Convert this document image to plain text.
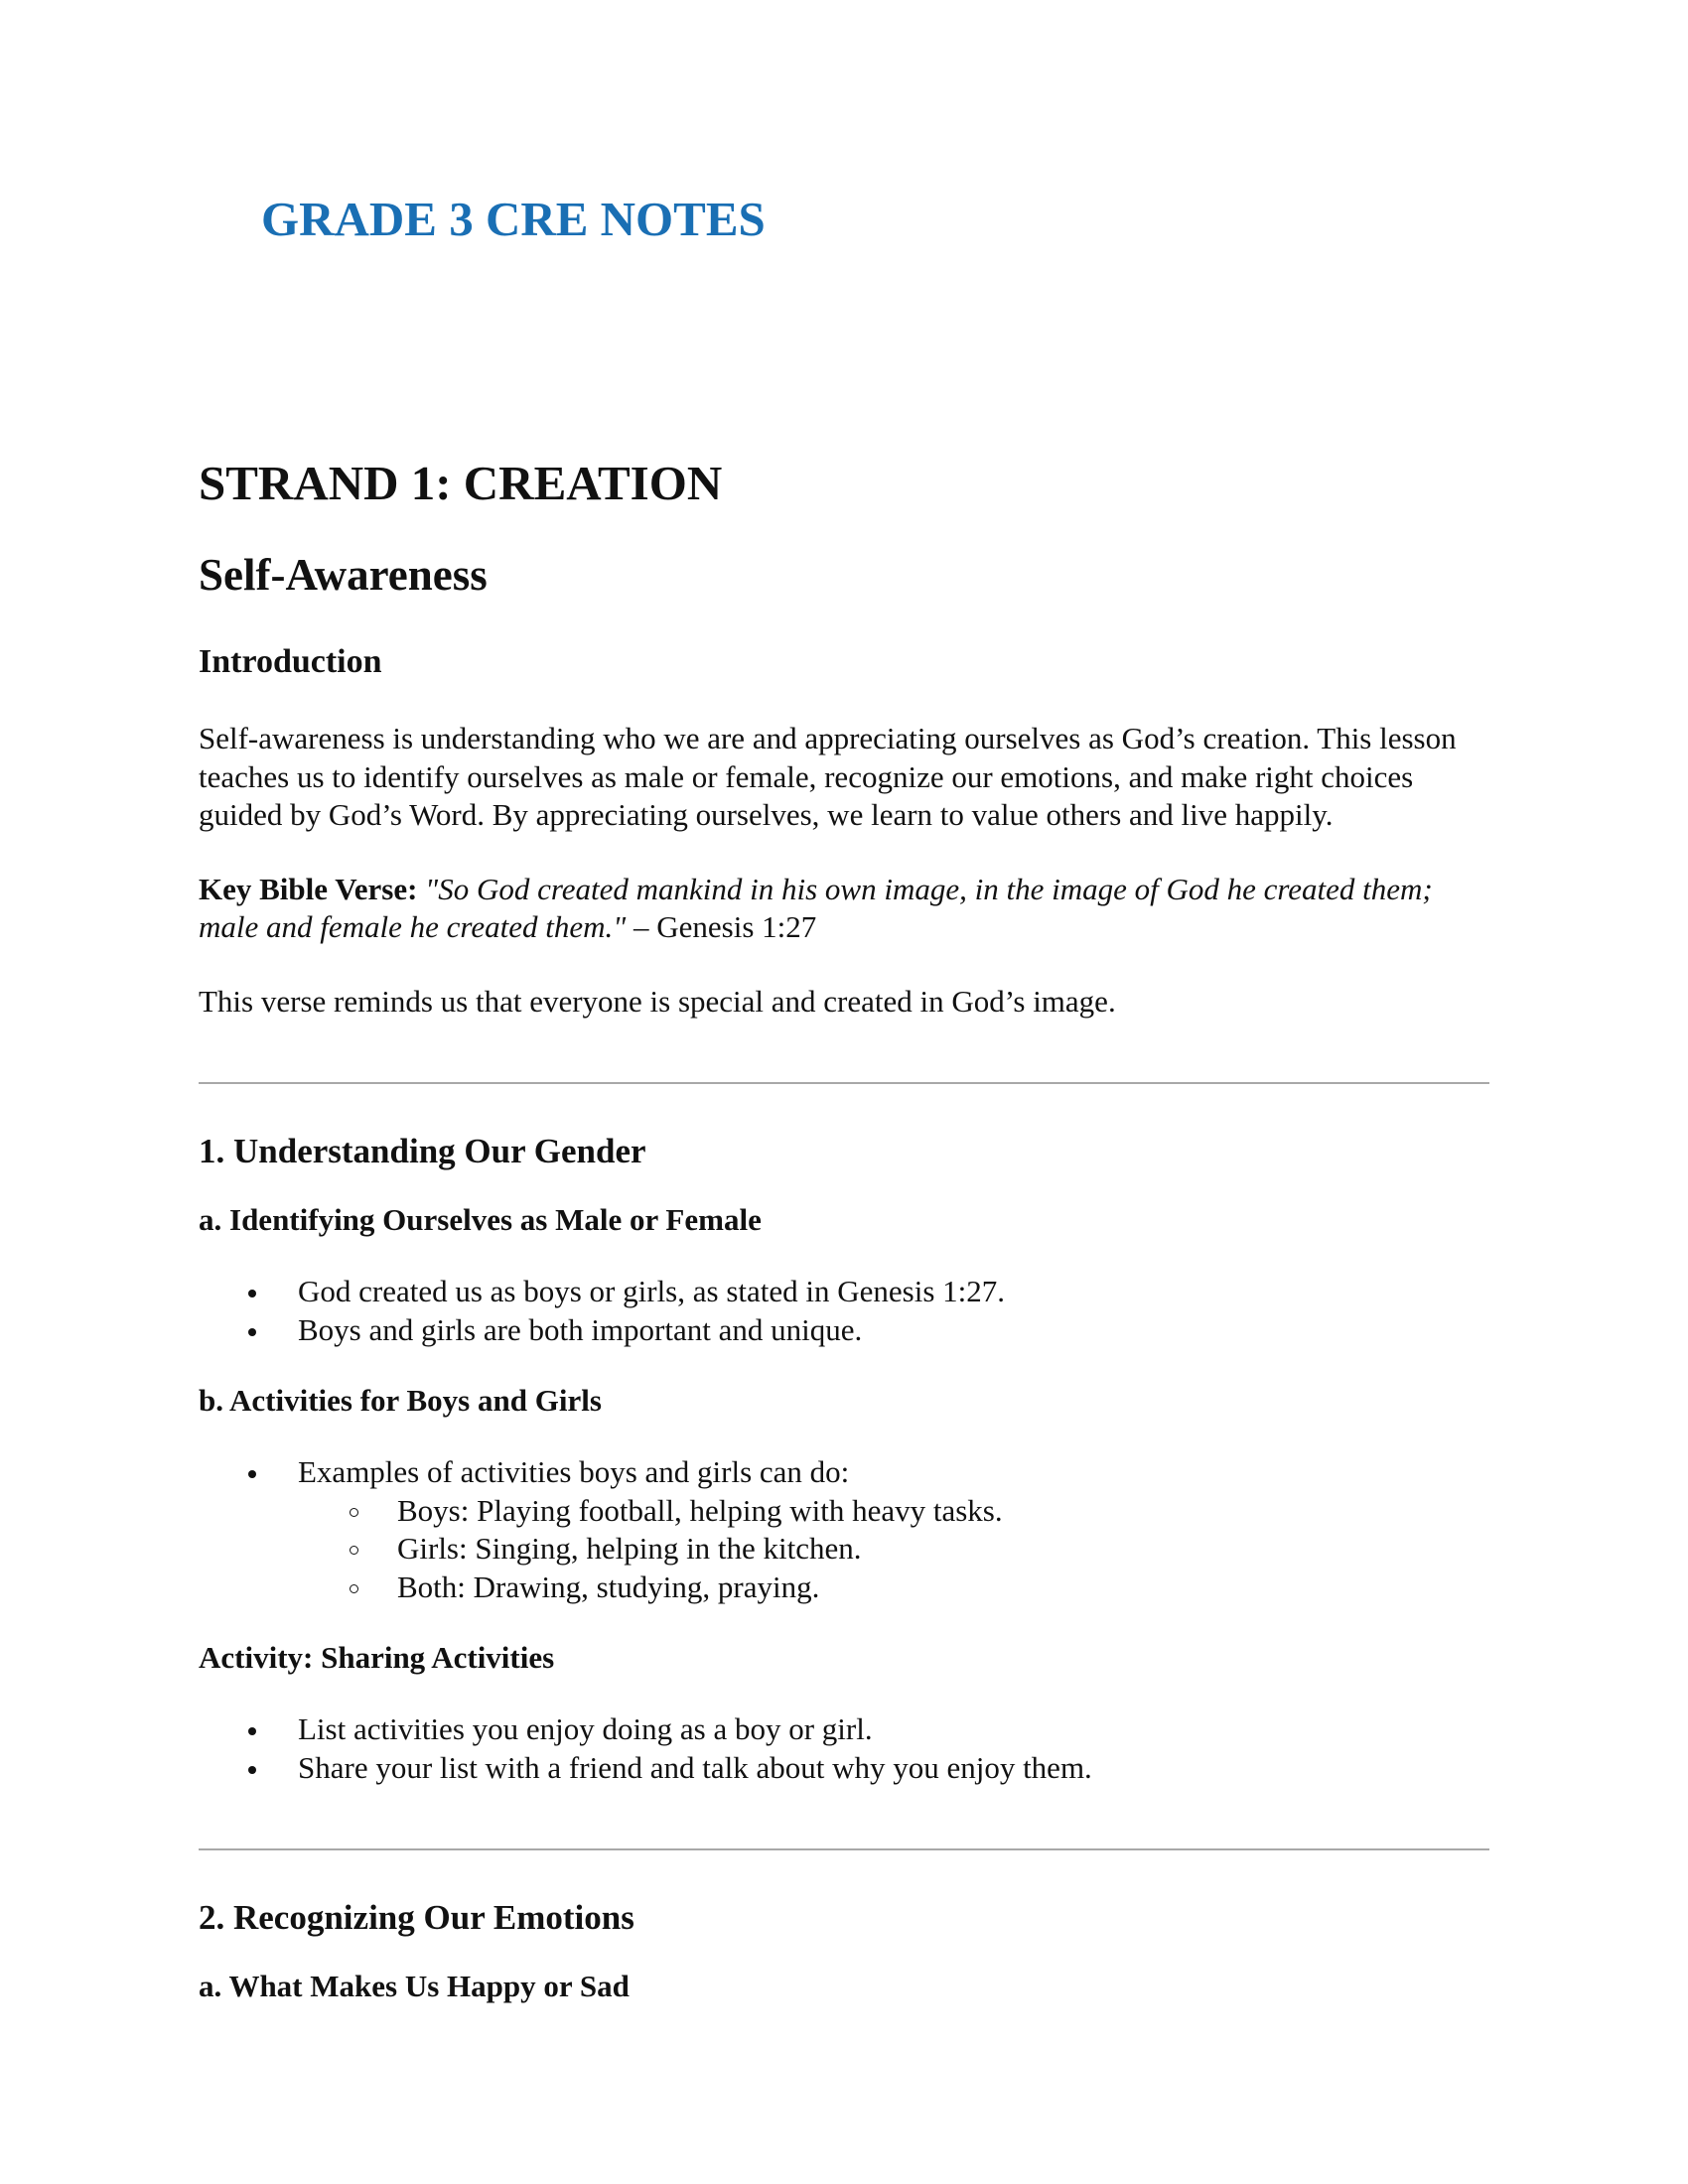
GRADE 3 CRE NOTES
STRAND 1: CREATION
Self-Awareness
Introduction

Self-awareness is understanding who we are and appreciating ourselves as God’s creation. This lesson teaches us to identify ourselves as male or female, recognize our emotions, and make right choices guided by God’s Word. By appreciating ourselves, we learn to value others and live happily.

Key Bible Verse: "So God created mankind in his own image, in the image of God he created them; male and female he created them." – Genesis 1:27

This verse reminds us that everyone is special and created in God’s image.

1. Understanding Our Gender
a. Identifying Ourselves as Male or Female
God created us as boys or girls, as stated in Genesis 1:27.
Boys and girls are both important and unique.
b. Activities for Boys and Girls
Examples of activities boys and girls can do:
Boys: Playing football, helping with heavy tasks.
Girls: Singing, helping in the kitchen.
Both: Drawing, studying, praying.
Activity: Sharing Activities
List activities you enjoy doing as a boy or girl.
Share your list with a friend and talk about why you enjoy them.
2. Recognizing Our Emotions
a. What Makes Us Happy or Sad
